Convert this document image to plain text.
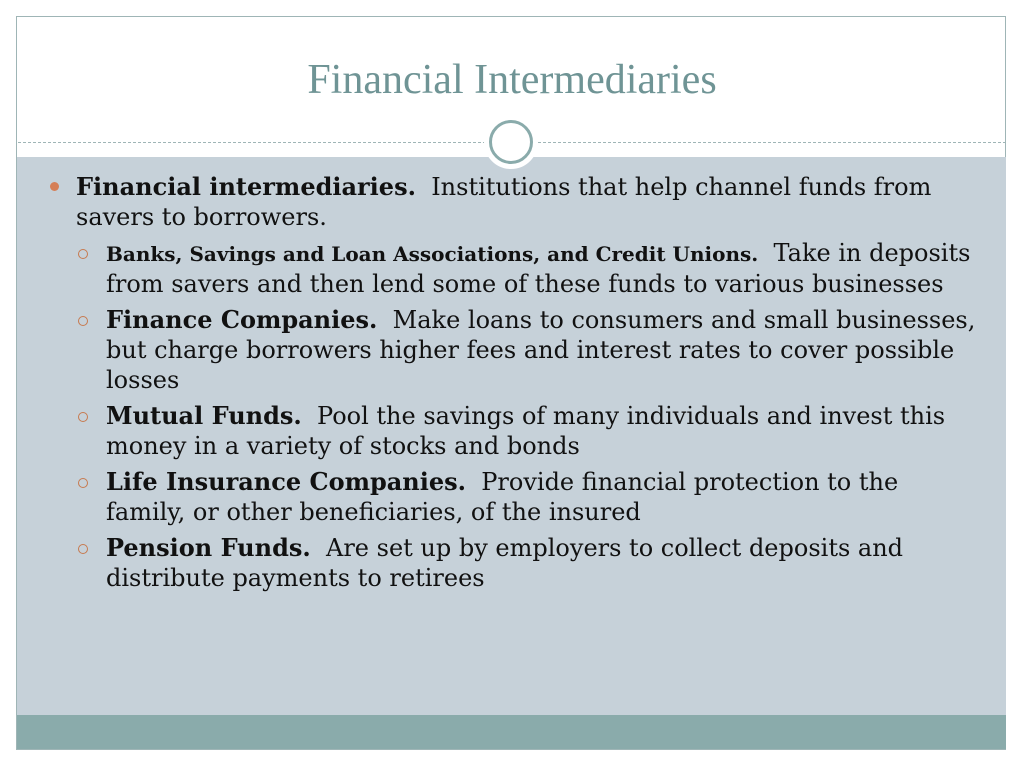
Financial Intermediaries
Financial intermediaries. Institutions that help channel funds from savers to borrowers.
Banks, Savings and Loan Associations, and Credit Unions. Take in deposits from savers and then lend some of these funds to various businesses
Finance Companies. Make loans to consumers and small businesses, but charge borrowers higher fees and interest rates to cover possible losses
Mutual Funds. Pool the savings of many individuals and invest this money in a variety of stocks and bonds
Life Insurance Companies. Provide financial protection to the family, or other beneficiaries, of the insured
Pension Funds. Are set up by employers to collect deposits and distribute payments to retirees
